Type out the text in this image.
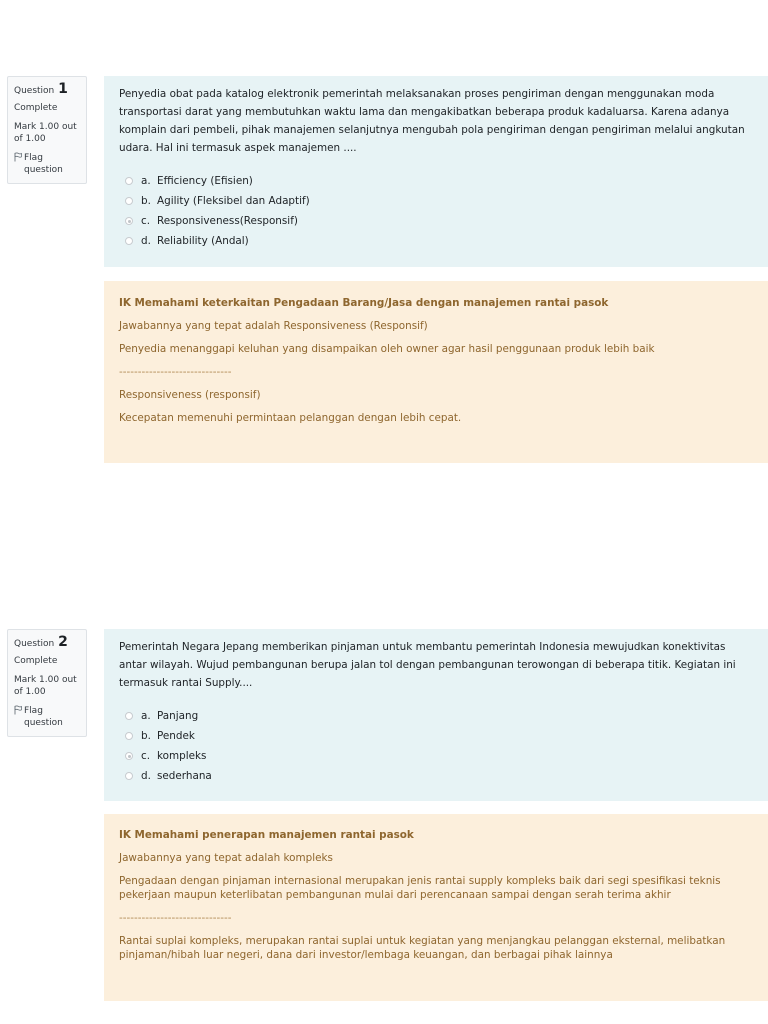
Question 1
Complete
Mark 1.00 out of 1.00
Flag question
Penyedia obat pada katalog elektronik pemerintah melaksanakan proses pengiriman dengan menggunakan moda transportasi darat yang membutuhkan waktu lama dan mengakibatkan beberapa produk kadaluarsa. Karena adanya komplain dari pembeli, pihak manajemen selanjutnya mengubah pola pengiriman dengan pengiriman melalui angkutan udara. Hal ini termasuk aspek manajemen ....
a. Efficiency (Efisien)
b. Agility (Fleksibel dan Adaptif)
c. Responsiveness(Responsif)
d. Reliability (Andal)
IK Memahami keterkaitan Pengadaan Barang/Jasa dengan manajemen rantai pasok

Jawabannya yang tepat adalah Responsiveness (Responsif)

Penyedia menanggapi keluhan yang disampaikan oleh owner agar hasil penggunaan produk lebih baik

------------------------------

Responsiveness (responsif)

Kecepatan memenuhi permintaan pelanggan dengan lebih cepat.

Question 2
Complete
Mark 1.00 out of 1.00
Flag question
Pemerintah Negara Jepang memberikan pinjaman untuk membantu pemerintah Indonesia mewujudkan konektivitas antar wilayah. Wujud pembangunan berupa jalan tol dengan pembangunan terowongan di beberapa titik. Kegiatan ini termasuk rantai Supply....
a. Panjang
b. Pendek
c. kompleks
d. sederhana
IK Memahami penerapan manajemen rantai pasok

Jawabannya yang tepat adalah kompleks

Pengadaan dengan pinjaman internasional merupakan jenis rantai supply kompleks baik dari segi spesifikasi teknis pekerjaan maupun keterlibatan pembangunan mulai dari perencanaan sampai dengan serah terima akhir

------------------------------

Rantai suplai kompleks, merupakan rantai suplai untuk kegiatan yang menjangkau pelanggan eksternal, melibatkan pinjaman/hibah luar negeri, dana dari investor/lembaga keuangan, dan berbagai pihak lainnya
